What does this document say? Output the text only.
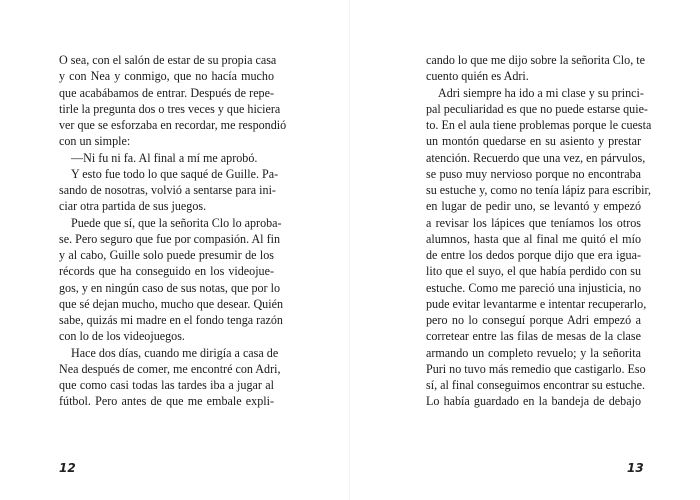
O sea, con el salón de estar de su propia casa
y con Nea y conmigo, que no hacía mucho
que acabábamos de entrar. Después de repe-
tirle la pregunta dos o tres veces y que hiciera
ver que se esforzaba en recordar, me respondió
con un simple:
—Ni fu ni fa. Al final a mí me aprobó.
Y esto fue todo lo que saqué de Guille. Pa-
sando de nosotras, volvió a sentarse para ini-
ciar otra partida de sus juegos.
Puede que sí, que la señorita Clo lo aproba-
se. Pero seguro que fue por compasión. Al fin
y al cabo, Guille solo puede presumir de los
récords que ha conseguido en los videojue-
gos, y en ningún caso de sus notas, que por lo
que sé dejan mucho, mucho que desear. Quién
sabe, quizás mi madre en el fondo tenga razón
con lo de los videojuegos.
Hace dos días, cuando me dirigía a casa de
Nea después de comer, me encontré con Adri,
que como casi todas las tardes iba a jugar al
fútbol. Pero antes de que me embale expli-
12
cando lo que me dijo sobre la señorita Clo, te
cuento quién es Adri.
Adri siempre ha ido a mi clase y su princi-
pal peculiaridad es que no puede estarse quie-
to. En el aula tiene problemas porque le cuesta
un montón quedarse en su asiento y prestar
atención. Recuerdo que una vez, en párvulos,
se puso muy nervioso porque no encontraba
su estuche y, como no tenía lápiz para escribir,
en lugar de pedir uno, se levantó y empezó
a revisar los lápices que teníamos los otros
alumnos, hasta que al final me quitó el mío
de entre los dedos porque dijo que era igua-
lito que el suyo, el que había perdido con su
estuche. Como me pareció una injusticia, no
pude evitar levantarme e intentar recuperarlo,
pero no lo conseguí porque Adri empezó a
corretear entre las filas de mesas de la clase
armando un completo revuelo; y la señorita
Puri no tuvo más remedio que castigarlo. Eso
sí, al final conseguimos encontrar su estuche.
Lo había guardado en la bandeja de debajo
13
